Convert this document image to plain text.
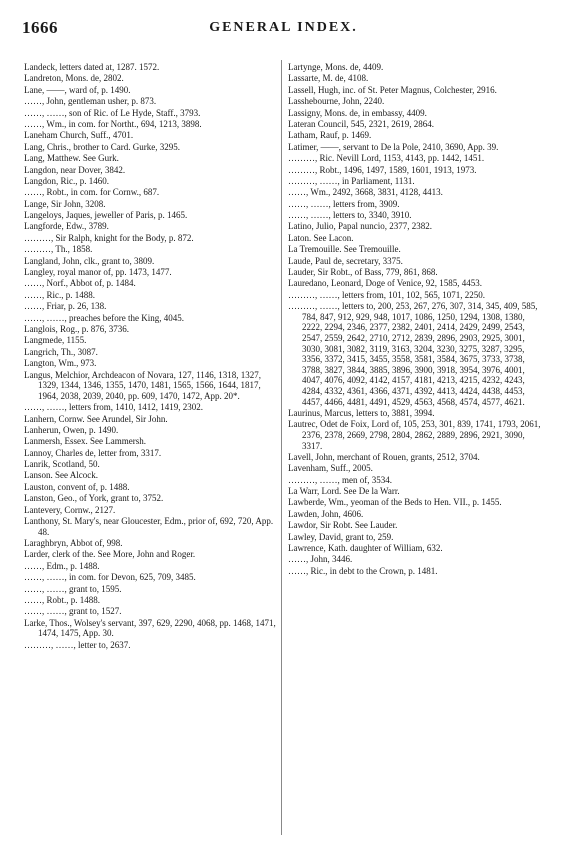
1666	GENERAL INDEX.
Landeck, letters dated at, 1287. 1572.
Landreton, Mons. de, 2802.
Lane, ——, ward of, p. 1490.
……, John, gentleman usher, p. 873.
……, ……, son of Ric. of Le Hyde, Staff., 3793.
……, Wm., in com. for Northt., 694, 1213, 3898.
Laneham Church, Suff., 4701.
Lang, Chris., brother to Card. Gurke, 3295.
Lang, Matthew. See Gurk.
Langdon, near Dover, 3842.
Langdon, Ric., p. 1460.
……, Robt., in com. for Cornw., 687.
Lange, Sir John, 3208.
Langeloys, Jaques, jeweller of Paris, p. 1465.
Langforde, Edw., 3789.
………, Sir Ralph, knight for the Body, p. 872.
………, Th., 1858.
Langland, John, clk., grant to, 3809.
Langley, royal manor of, pp. 1473, 1477.
……, Norf., Abbot of, p. 1484.
……, Ric., p. 1488.
……, Friar, p. 26, 138.
……, ……, preaches before the King, 4045.
Langlois, Rog., p. 876, 3736.
Langmede, 1155.
Langrich, Th., 3087.
Langton, Wm., 973.
Langus, Melchior, Archdeacon of Novara, 127, 1146, 1318, 1327, 1329, 1344, 1346, 1355, 1470, 1481, 1565, 1566, 1644, 1817, 1964, 2038, 2039, 2040, pp. 609, 1470, 1472, App. 20*.
……, ……, letters from, 1410, 1412, 1419, 2302.
Lanhern, Cornw. See Arundel, Sir John.
Lanherun, Owen, p. 1490.
Lanmersh, Essex. See Lammersh.
Lannoy, Charles de, letter from, 3317.
Lanrik, Scotland, 50.
Lanson. See Alcock.
Lauston, convent of, p. 1488.
Lanston, Geo., of York, grant to, 3752.
Lantevery, Cornw., 2127.
Lanthony, St. Mary's, near Gloucester, Edm., prior of, 692, 720, App. 48.
Laraghbryn, Abbot of, 998.
Larder, clerk of the. See More, John and Roger.
……, Edm., p. 1488.
……, ……, in com. for Devon, 625, 709, 3485.
……, ……, grant to, 1595.
……, Robt., p. 1488.
……, ……, grant to, 1527.
Larke, Thos., Wolsey's servant, 397, 629, 2290, 4068, pp. 1468, 1471, 1474, 1475, App. 30.
………, ……, letter to, 2637.
Lartynge, Mons. de, 4409.
Lassarte, M. de, 4108.
Lassell, Hugh, inc. of St. Peter Magnus, Colchester, 2916.
Lasshebourne, John, 2240.
Lassigny, Mons. de, in embassy, 4409.
Lateran Council, 545, 2321, 2619, 2864.
Latham, Rauf, p. 1469.
Latimer, ——, servant to De la Pole, 2410, 3690, App. 39.
………, Ric. Nevill Lord, 1153, 4143, pp. 1442, 1451.
………, Robt., 1496, 1497, 1589, 1601, 1913, 1973.
………, ……, in Parliament, 1131.
……, Wm., 2492, 3668, 3831, 4128, 4413.
……, ……, letters from, 3909.
……, ……, letters to, 3340, 3910.
Latino, Julio, Papal nuncio, 2377, 2382.
Laton. See Lacon.
La Tremouille. See Tremouille.
Laude, Paul de, secretary, 3375.
Lauder, Sir Robt., of Bass, 779, 861, 868.
Lauredano, Leonard, Doge of Venice, 92, 1585, 4453.
………, ……, letters from, 101, 102, 565, 1071, 2250.
………, ……, letters to, 200, 253, 267, 276, 307, 314, 345, 409, 585, 784, 847, 912, 929, 948, 1017, 1086, 1250, 1294, 1308, 1380, 2222, 2294, 2346, 2377, 2382, 2401, 2414, 2429, 2499, 2543, 2547, 2559, 2642, 2710, 2712, 2839, 2896, 2903, 2925, 3001, 3030, 3081, 3082, 3119, 3163, 3204, 3230, 3275, 3287, 3295, 3356, 3372, 3415, 3455, 3558, 3581, 3584, 3675, 3733, 3738, 3788, 3827, 3844, 3885, 3896, 3900, 3918, 3954, 3976, 4001, 4047, 4076, 4092, 4142, 4157, 4181, 4213, 4215, 4232, 4243, 4284, 4332, 4361, 4366, 4371, 4392, 4413, 4424, 4438, 4453, 4457, 4466, 4481, 4491, 4529, 4563, 4568, 4574, 4577, 4621.
Laurinus, Marcus, letters to, 3881, 3994.
Lautrec, Odet de Foix, Lord of, 105, 253, 301, 839, 1741, 1793, 2061, 2376, 2378, 2669, 2798, 2804, 2862, 2889, 2896, 2921, 3090, 3317.
Lavell, John, merchant of Rouen, grants, 2512, 3704.
Lavenham, Suff., 2005.
………, ……, men of, 3534.
La Warr, Lord. See De la Warr.
Lawberde, Wm., yeoman of the Beds to Hen. VII., p. 1455.
Lawden, John, 4606.
Lawdor, Sir Robt. See Lauder.
Lawley, David, grant to, 259.
Lawrence, Kath. daughter of William, 632.
……, John, 3446.
……, Ric., in debt to the Crown, p. 1481.
